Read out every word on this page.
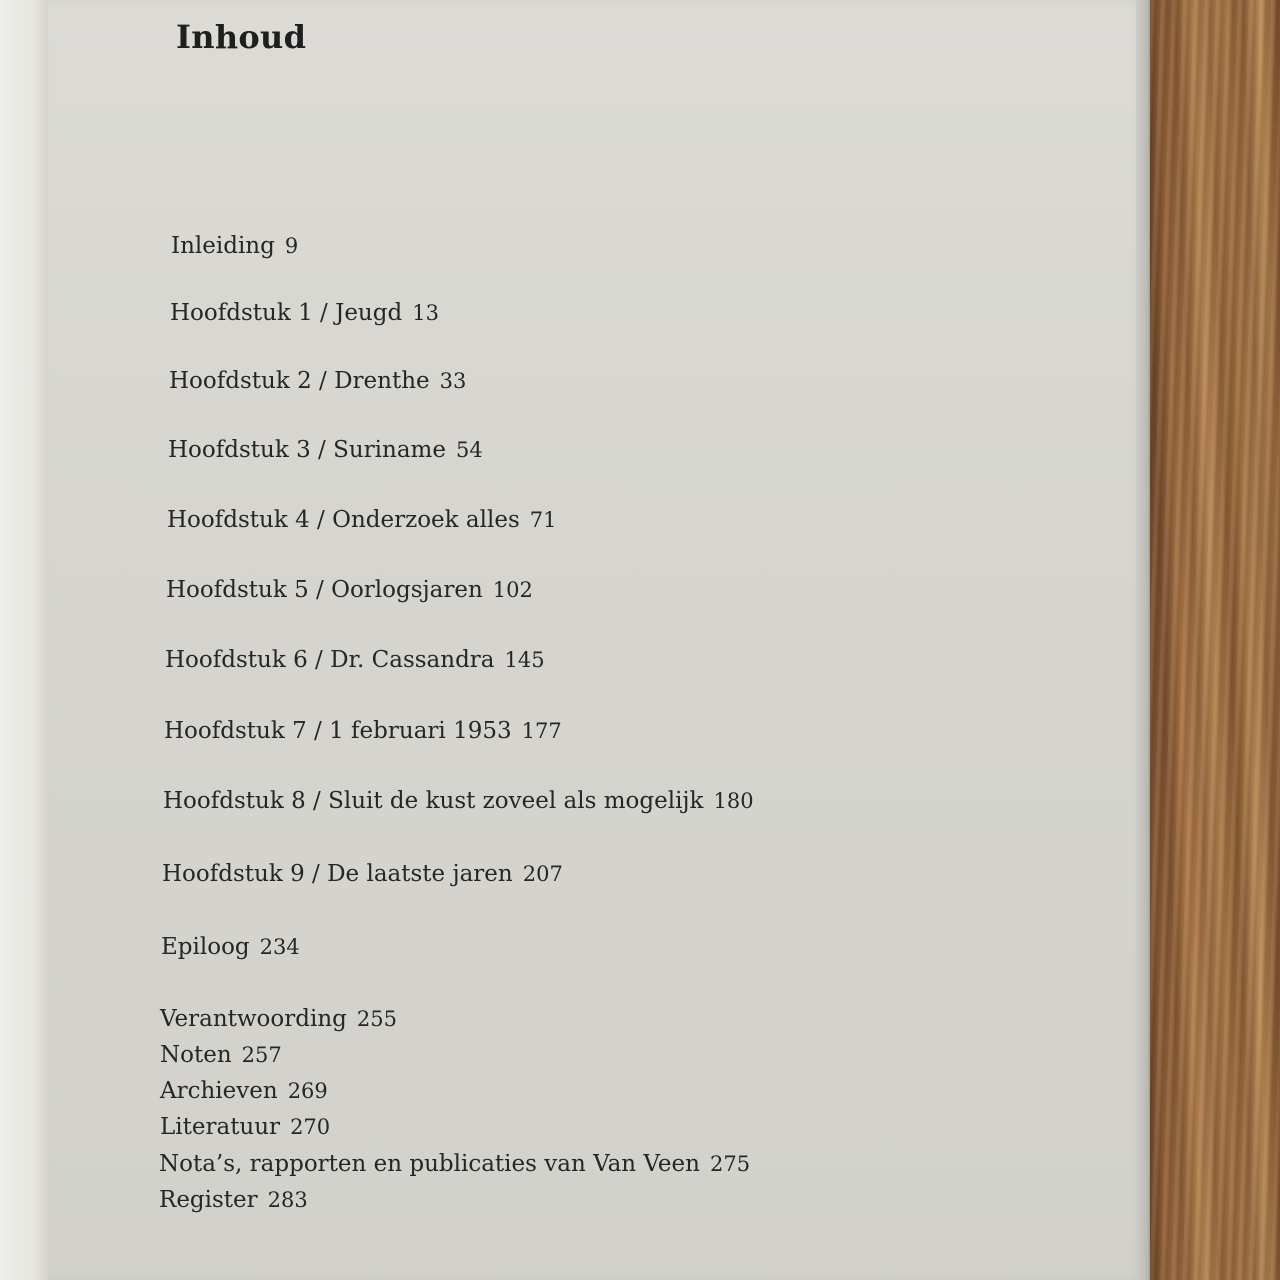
Inhoud
Inleiding 9
Hoofdstuk 1 / Jeugd 13
Hoofdstuk 2 / Drenthe 33
Hoofdstuk 3 / Suriname 54
Hoofdstuk 4 / Onderzoek alles 71
Hoofdstuk 5 / Oorlogsjaren 102
Hoofdstuk 6 / Dr. Cassandra 145
Hoofdstuk 7 / 1 februari 1953 177
Hoofdstuk 8 / Sluit de kust zoveel als mogelijk 180
Hoofdstuk 9 / De laatste jaren 207
Epiloog 234
Verantwoording 255
Noten 257
Archieven 269
Literatuur 270
Nota’s, rapporten en publicaties van Van Veen 275
Register 283
